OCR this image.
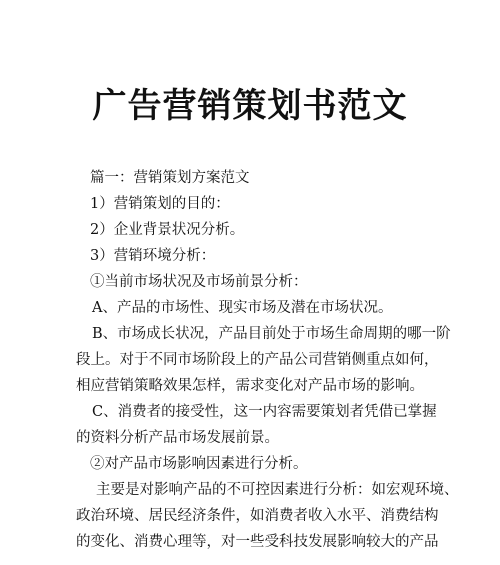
广告营销策划书范文
篇一：营销策划方案范文
1）营销策划的目的：
2）企业背景状况分析。
3）营销环境分析：
①当前市场状况及市场前景分析：
A、产品的市场性、现实市场及潜在市场状况。
B、市场成长状况，产品目前处于市场生命周期的哪一阶
段上。对于不同市场阶段上的产品公司营销侧重点如何，
相应营销策略效果怎样，需求变化对产品市场的影响。
C、消费者的接受性，这一内容需要策划者凭借已掌握
的资料分析产品市场发展前景。
②对产品市场影响因素进行分析。
主要是对影响产品的不可控因素进行分析：如宏观环境、
政治环境、居民经济条件，如消费者收入水平、消费结构
的变化、消费心理等，对一些受科技发展影响较大的产品
